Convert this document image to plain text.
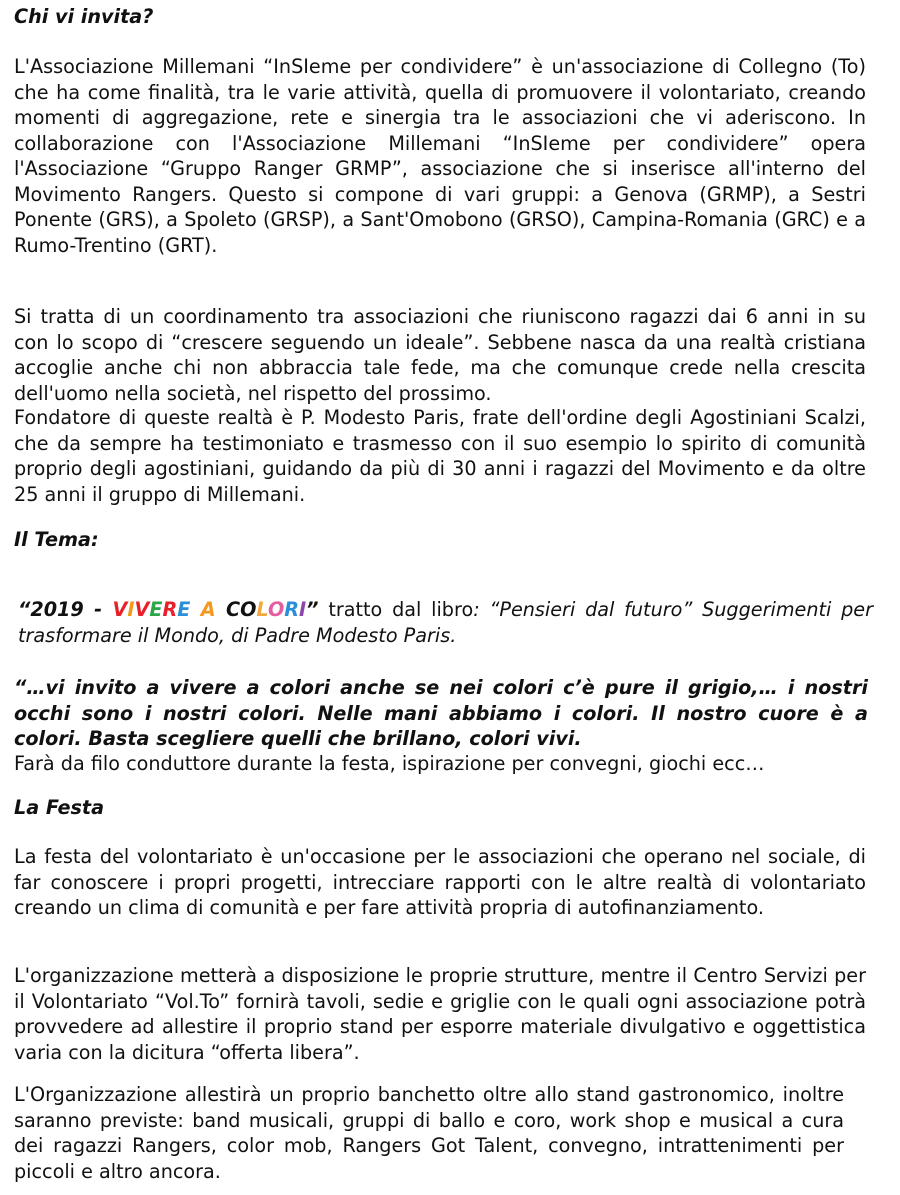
Chi vi invita?

L'Associazione Millemani “InSIeme per condividere” è un'associazione di Collegno (To) che ha come finalità, tra le varie attività, quella di promuovere il volontariato, creando momenti di aggregazione, rete e sinergia tra le associazioni che vi aderiscono. In collaborazione con l'Associazione Millemani “InSIeme per condividere” opera l'Associazione “Gruppo Ranger GRMP”, associazione che si inserisce all'interno del Movimento Rangers. Questo si compone di vari gruppi: a Genova (GRMP), a Sestri Ponente (GRS), a Spoleto (GRSP), a Sant'Omobono (GRSO), Campina-Romania (GRC) e a Rumo-Trentino (GRT).

Si tratta di un coordinamento tra associazioni che riuniscono ragazzi dai 6 anni in su con lo scopo di “crescere seguendo un ideale”. Sebbene nasca da una realtà cristiana accoglie anche chi non abbraccia tale fede, ma che comunque crede nella crescita dell'uomo nella società, nel rispetto del prossimo.

Fondatore di queste realtà è P. Modesto Paris, frate dell'ordine degli Agostiniani Scalzi, che da sempre ha testimoniato e trasmesso con il suo esempio lo spirito di comunità proprio degli agostiniani, guidando da più di 30 anni i ragazzi del Movimento e da oltre 25 anni il gruppo di Millemani.

Il Tema:

“2019 - VIVERE A COLORI” tratto dal libro: “Pensieri dal futuro” Suggerimenti per trasformare il Mondo, di Padre Modesto Paris.

“…vi invito a vivere a colori anche se nei colori c’è pure il grigio,… i nostri occhi sono i nostri colori. Nelle mani abbiamo i colori. Il nostro cuore è a colori. Basta scegliere quelli che brillano, colori vivi.

Farà da filo conduttore durante la festa, ispirazione per convegni, giochi ecc…

La Festa

La festa del volontariato è un'occasione per le associazioni che operano nel sociale, di far conoscere i propri progetti, intrecciare rapporti con le altre realtà di volontariato creando un clima di comunità e per fare attività propria di autofinanziamento.

L'organizzazione metterà a disposizione le proprie strutture, mentre il Centro Servizi per il Volontariato “Vol.To” fornirà tavoli, sedie e griglie con le quali ogni associazione potrà provvedere ad allestire il proprio stand per esporre materiale divulgativo e oggettistica varia con la dicitura “offerta libera”.

L'Organizzazione allestirà un proprio banchetto oltre allo stand gastronomico, inoltre saranno previste: band musicali, gruppi di ballo e coro, work shop e musical a cura dei ragazzi Rangers, color mob, Rangers Got Talent, convegno, intrattenimenti per piccoli e altro ancora.
